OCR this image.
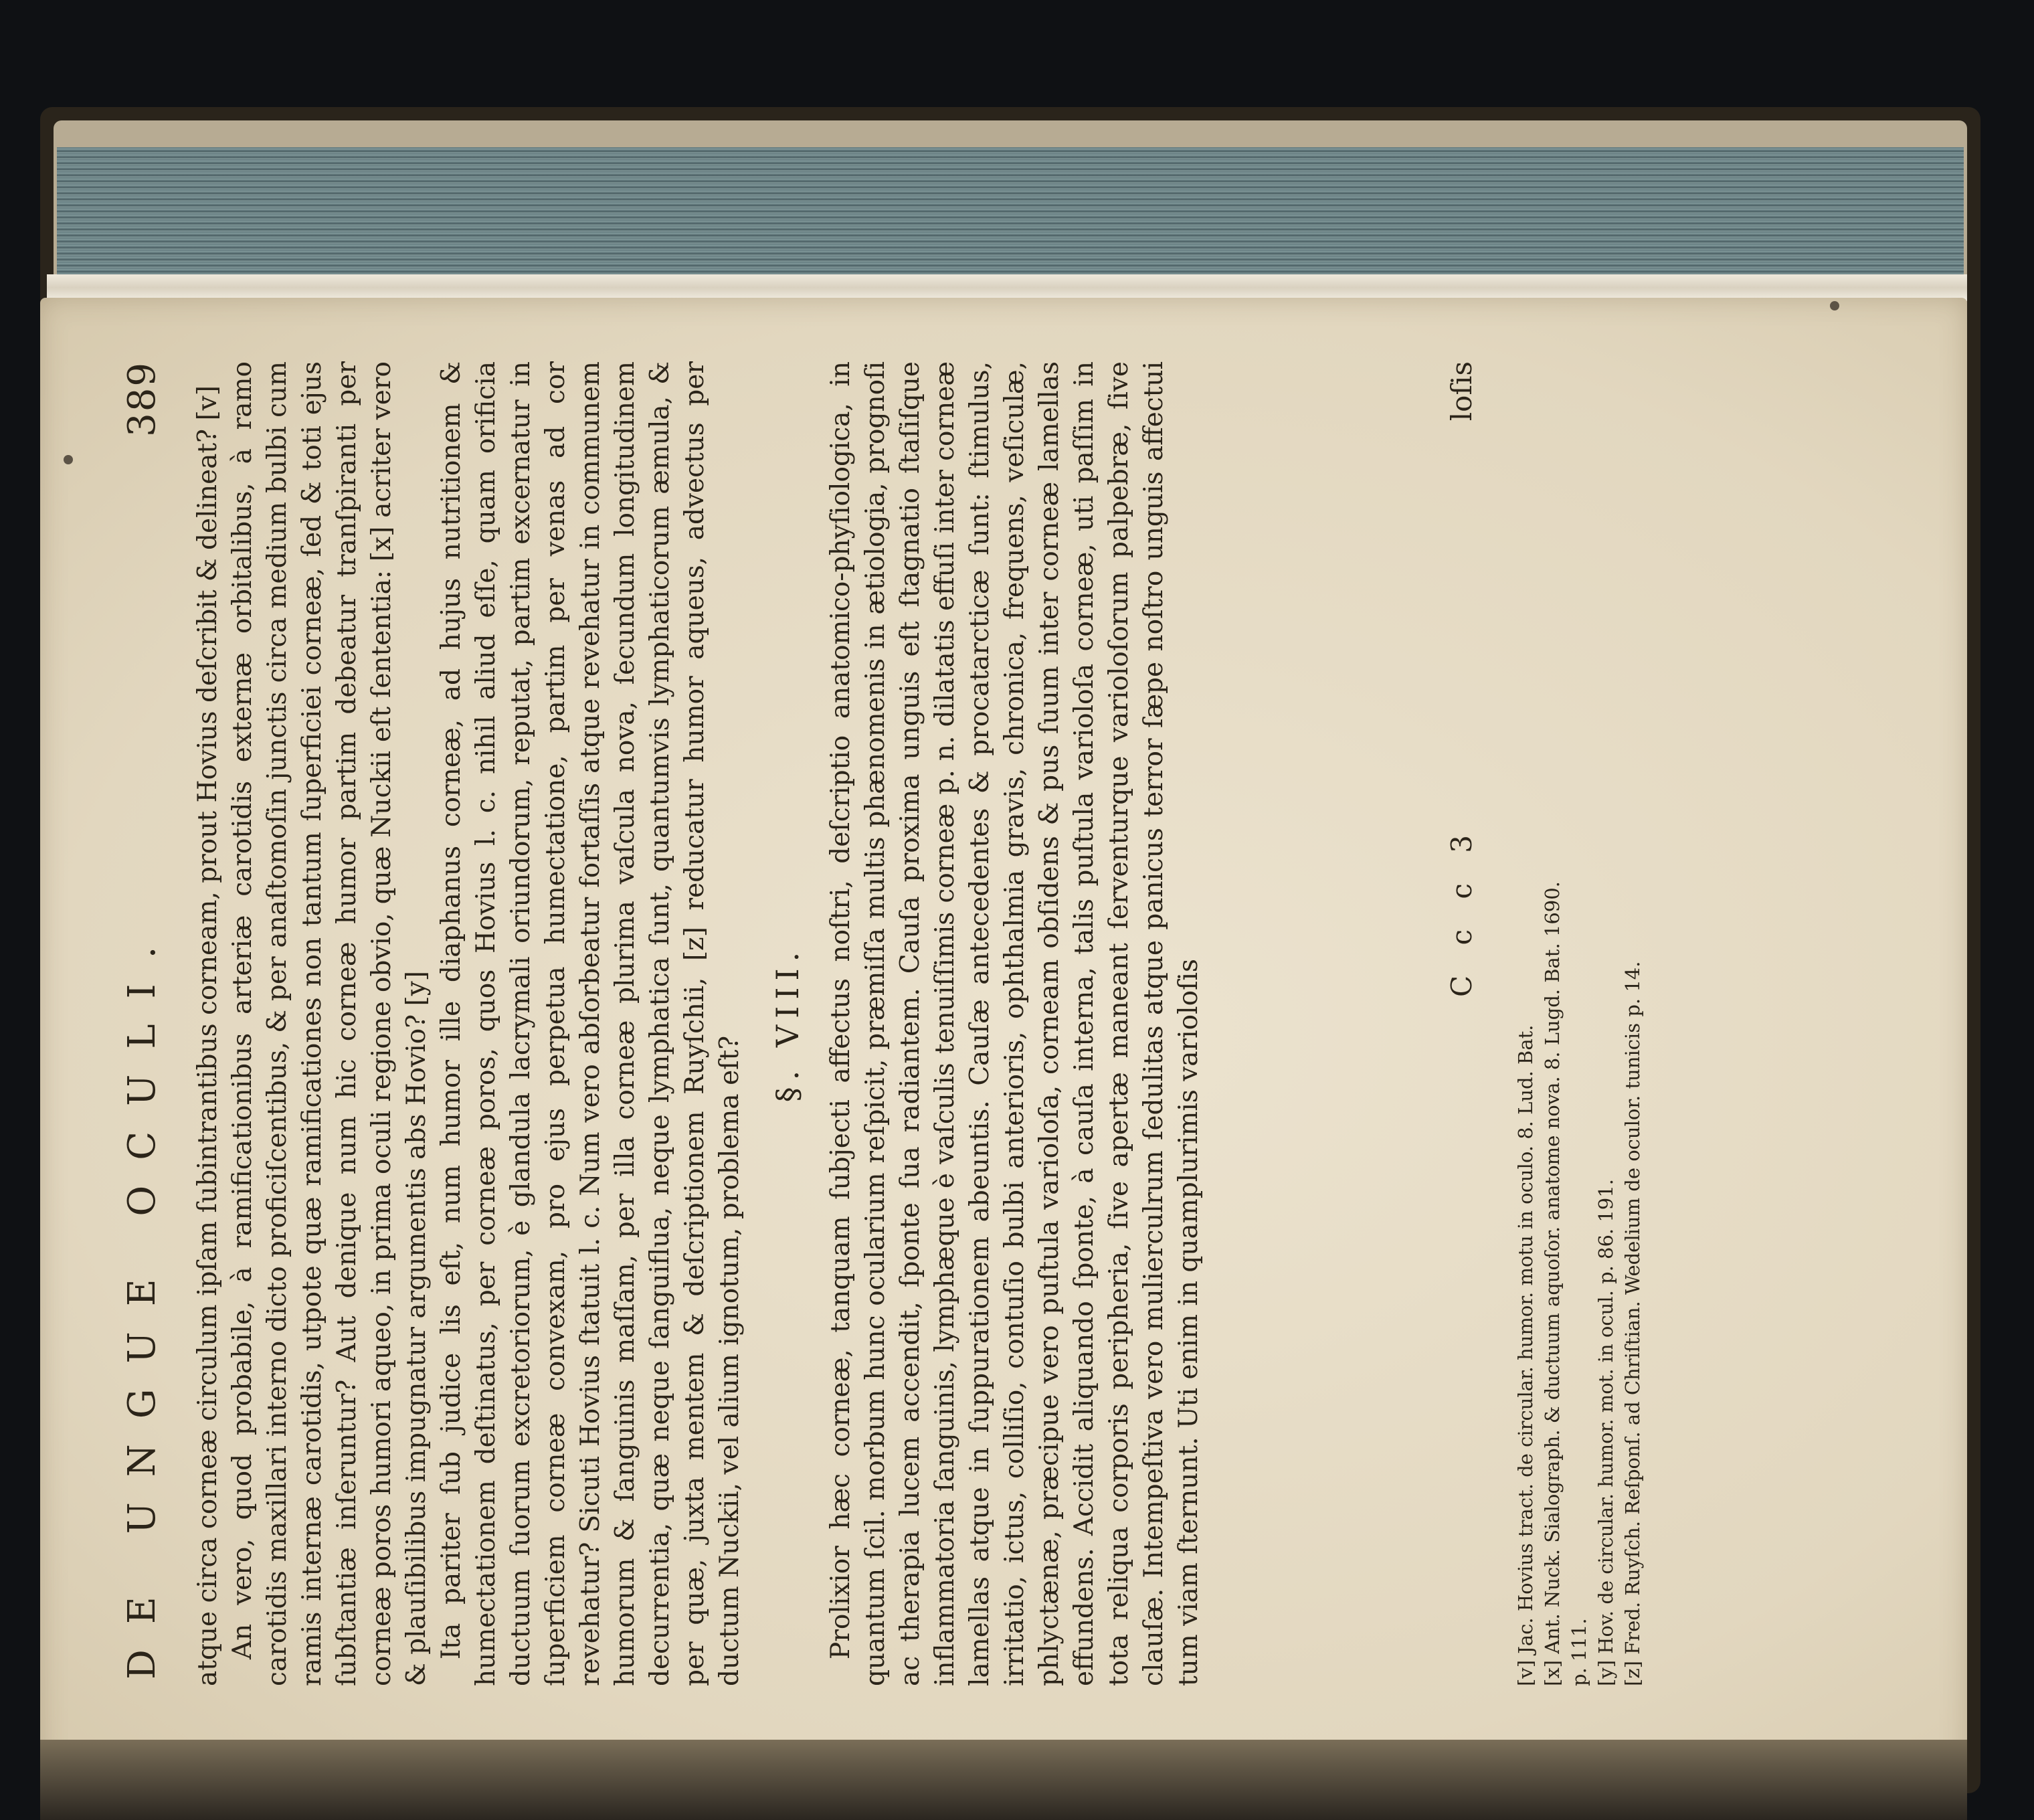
DE UNGUE OCULI.
389 atque circa corneæ circulum ipſam ſubintrantibus corneam, prout Hovius deſcribit & delineat? [v] An vero, quod probabile, à ramificationibus arteriæ carotidis externæ orbitalibus, à ramo carotidis maxillari interno dicto proficiſcentibus, & per anaſtomoſin junctis circa medium bulbi cum ramis internæ carotidis, utpote quæ ramificationes non tantum ſuperficiei corneæ, ſed & toti ejus ſubſtantiæ inſeruntur? Aut denique num hic corneæ humor partim debeatur tranſpiranti per corneæ poros humori aqueo, in prima oculi regione obvio, quæ Nuckii eſt ſententia: [x] acriter vero & plauſibilibus impugnatur argumentis abs Hovio? [y] Ita pariter ſub judice lis eſt, num humor ille diaphanus corneæ, ad hujus nutritionem & humectationem deſtinatus, per corneæ poros, quos Hovius l. c. nihil aliud eſſe, quam orificia ductuum ſuorum excretoriorum, è glandula lacrymali oriundorum, reputat, partim excernatur in ſuperficiem corneæ convexam, pro ejus perpetua humectatione, partim per venas ad cor revehatur? Sicuti Hovius ſtatuit l. c. Num vero abſorbeatur fortaſſis atque revehatur in communem humorum & ſanguinis maſſam, per illa corneæ plurima vaſcula nova, ſecundum longitudinem decurrentia, quæ neque ſanguiflua, neque lymphatica ſunt, quantumvis lymphaticorum æmula, & per quæ, juxta mentem & deſcriptionem Ruyſchii, [z] reducatur humor aqueus, advectus per ductum Nuckii, vel alium ignotum, problema eſt?

§. VIII. Prolixior hæc corneæ, tanquam ſubjecti affectus noſtri, deſcriptio anatomico-phyſiologica, in quantum ſcil. morbum hunc ocularium reſpicit, præmiſſa multis phænomenis in ætiologia, prognoſi ac therapia lucem accendit, ſponte ſua radiantem. Cauſa proxima unguis eſt ſtagnatio ſtaſiſque inflammatoria ſanguinis, lymphæque è vaſculis tenuiſſimis corneæ p. n. dilatatis effuſi inter corneæ lamellas atque in ſuppurationem abeuntis. Cauſæ antecedentes & procatarcticæ ſunt: ſtimulus, irritatio, ictus, colliſio, contuſio bulbi anterioris, ophthalmia gravis, chronica, frequens, veſiculæ, phlyctænæ, præcipue vero puſtula varioloſa, corneam obſidens & pus ſuum inter corneæ lamellas effundens. Accidit aliquando ſponte, à cauſa interna, talis puſtula varioloſa corneæ, uti paſſim in tota reliqua corporis peripheria, ſive apertæ maneant ſerventurque varioloſorum palpebræ, ſive clauſæ. Intempeſtiva vero mulierculrum ſedulitas atque panicus terror ſæpe noſtro unguis affectui tum viam ſternunt. Uti enim in quamplurimis varioloſis

C c c 3
loſis
[v] Jac. Hovius tract. de circular. humor. motu in oculo. 8. Lud. Bat. [x] Ant. Nuck. Sialograph. & ductuum aquoſor. anatome nova. 8. Lugd. Bat. 1690. p. 111. [y] Hov. de circular. humor. mot. in ocul. p. 86. 191. [z] Fred. Ruyſch. Reſponſ. ad Chriſtian. Wedelium de oculor. tunicis p. 14.
